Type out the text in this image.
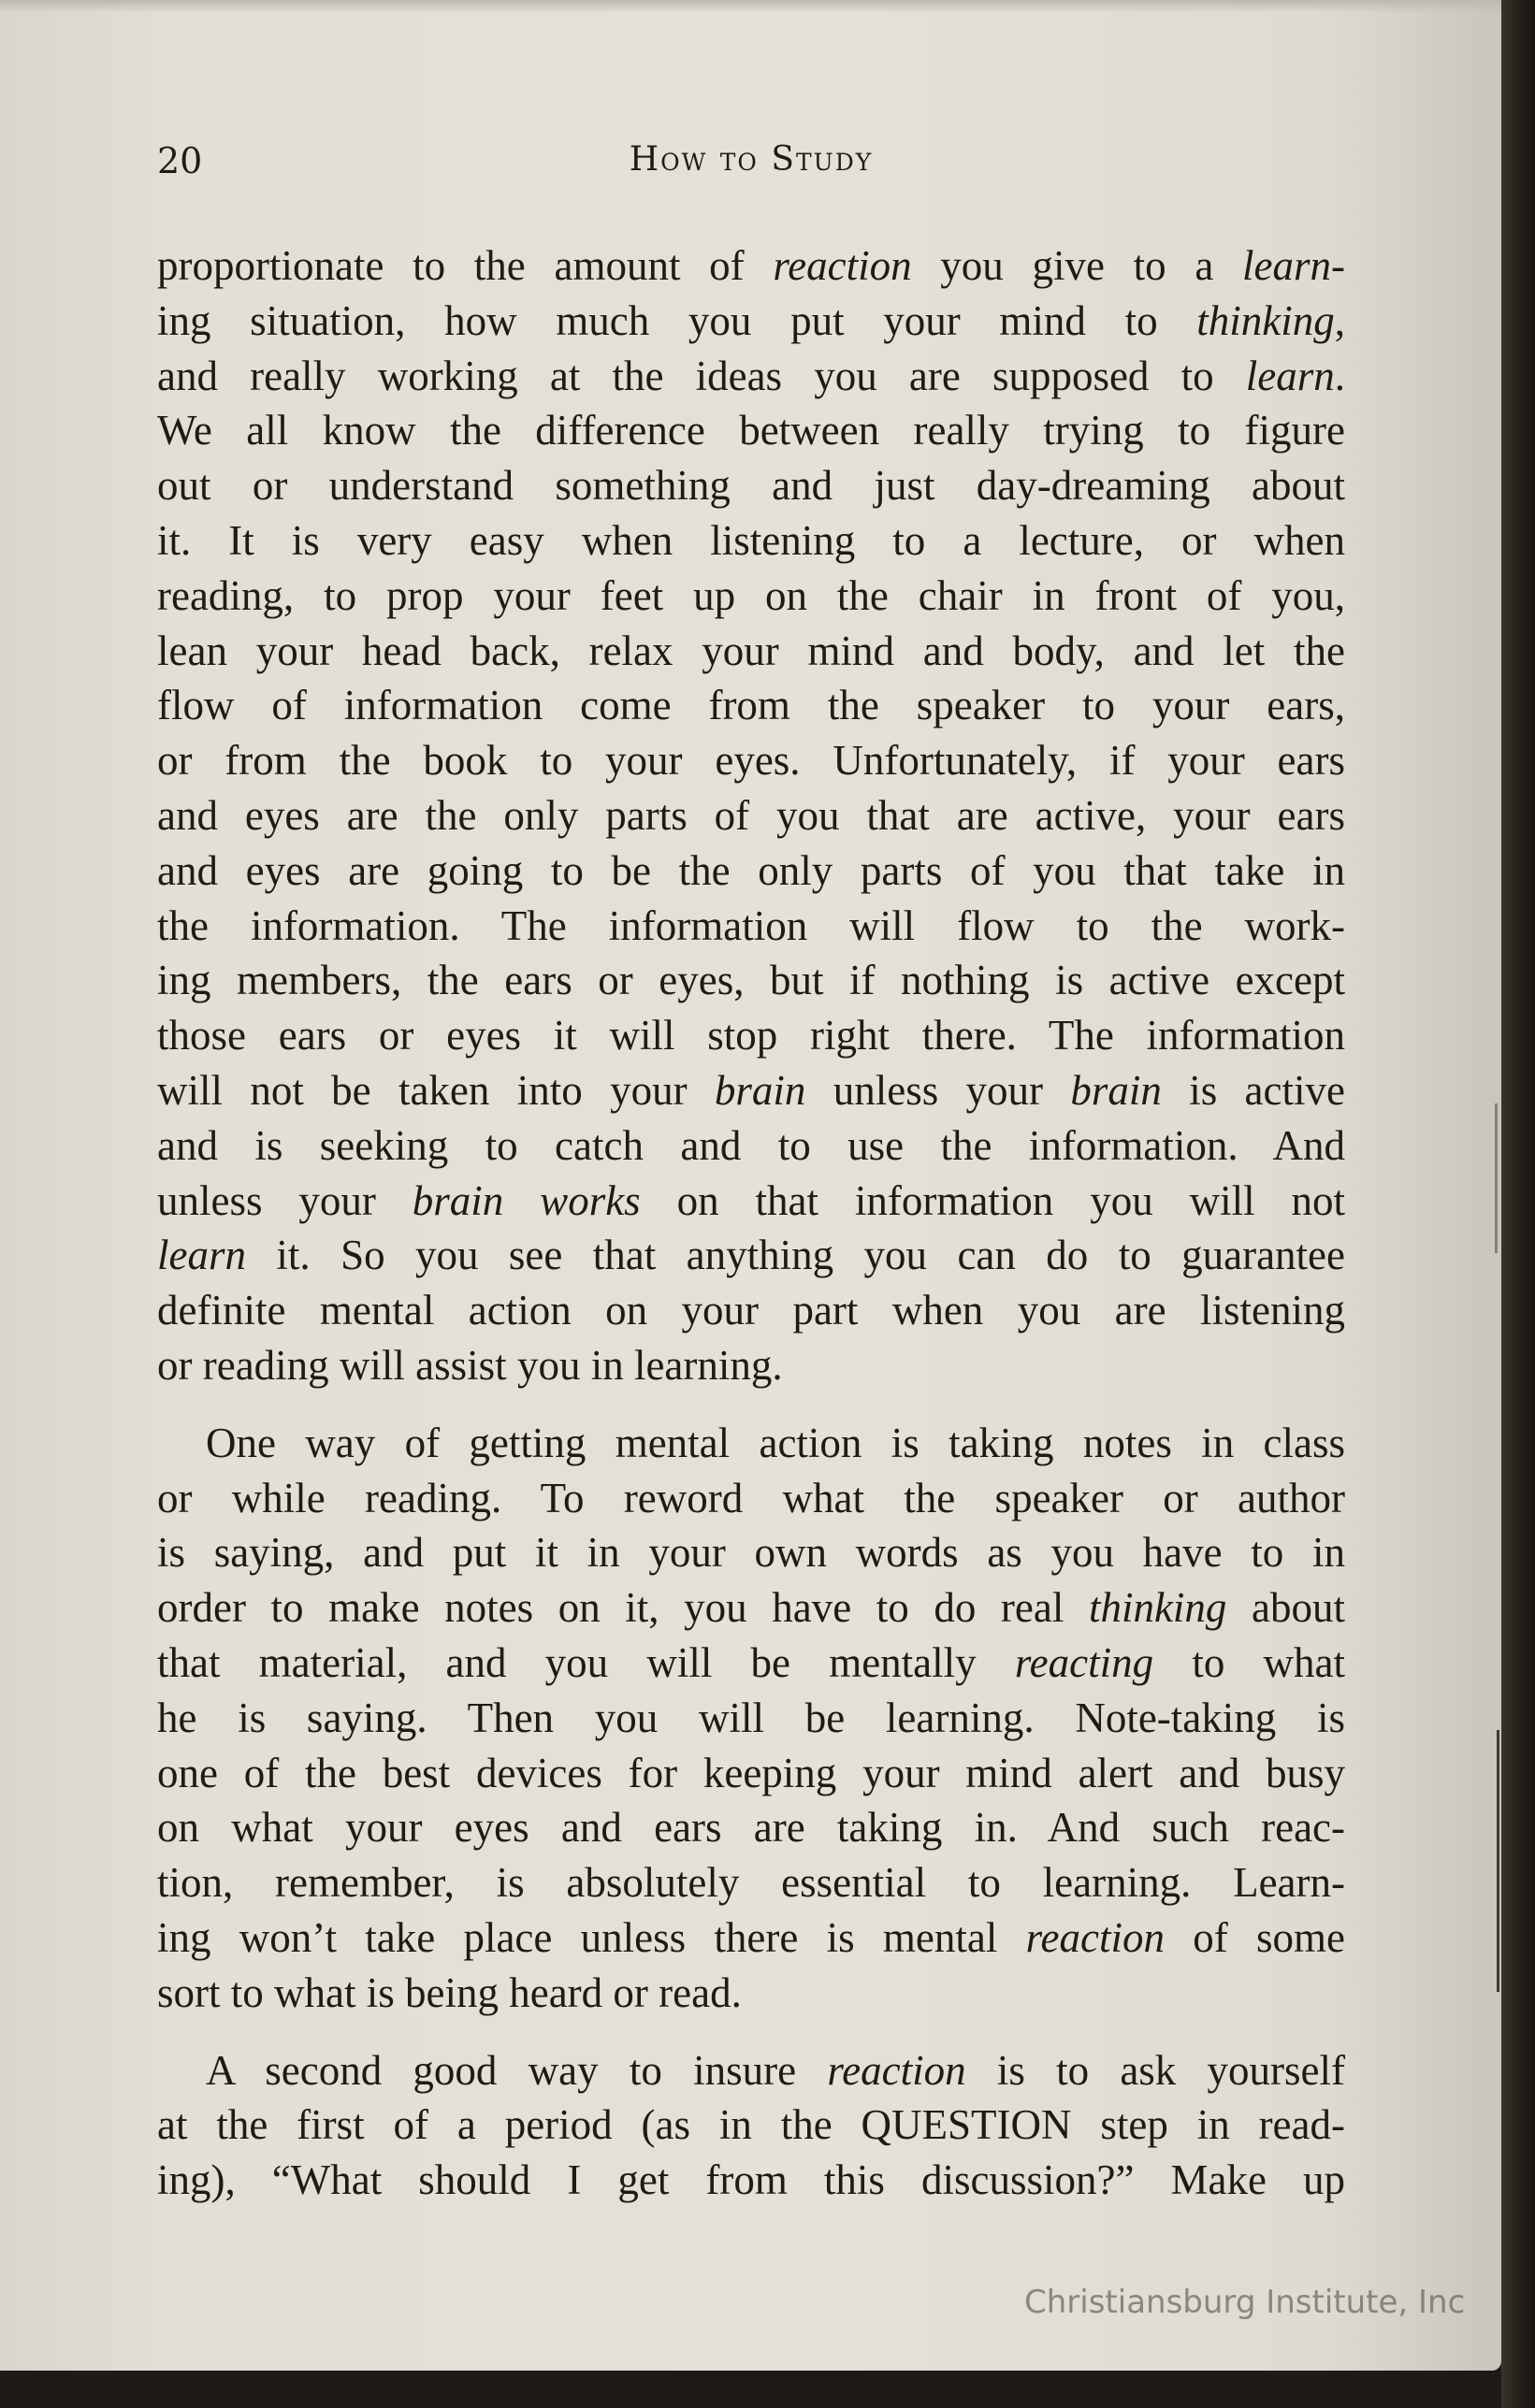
20	How to Study
proportionate to the amount of reaction you give to a learn-
ing situation, how much you put your mind to thinking,
and really working at the ideas you are supposed to learn.
We all know the difference between really trying to figure
out or understand something and just day-dreaming about
it. It is very easy when listening to a lecture, or when
reading, to prop your feet up on the chair in front of you,
lean your head back, relax your mind and body, and let the
flow of information come from the speaker to your ears,
or from the book to your eyes. Unfortunately, if your ears
and eyes are the only parts of you that are active, your ears
and eyes are going to be the only parts of you that take in
the information. The information will flow to the work-
ing members, the ears or eyes, but if nothing is active except
those ears or eyes it will stop right there. The information
will not be taken into your brain unless your brain is active
and is seeking to catch and to use the information. And
unless your brain works on that information you will not
learn it. So you see that anything you can do to guarantee
definite mental action on your part when you are listening
or reading will assist you in learning.
One way of getting mental action is taking notes in class
or while reading. To reword what the speaker or author
is saying, and put it in your own words as you have to in
order to make notes on it, you have to do real thinking about
that material, and you will be mentally reacting to what
he is saying. Then you will be learning. Note-taking is
one of the best devices for keeping your mind alert and busy
on what your eyes and ears are taking in. And such reac-
tion, remember, is absolutely essential to learning. Learn-
ing won’t take place unless there is mental reaction of some
sort to what is being heard or read.
A second good way to insure reaction is to ask yourself
at the first of a period (as in the QUESTION step in read-
ing), “What should I get from this discussion?” Make up
Christiansburg Institute, Inc
